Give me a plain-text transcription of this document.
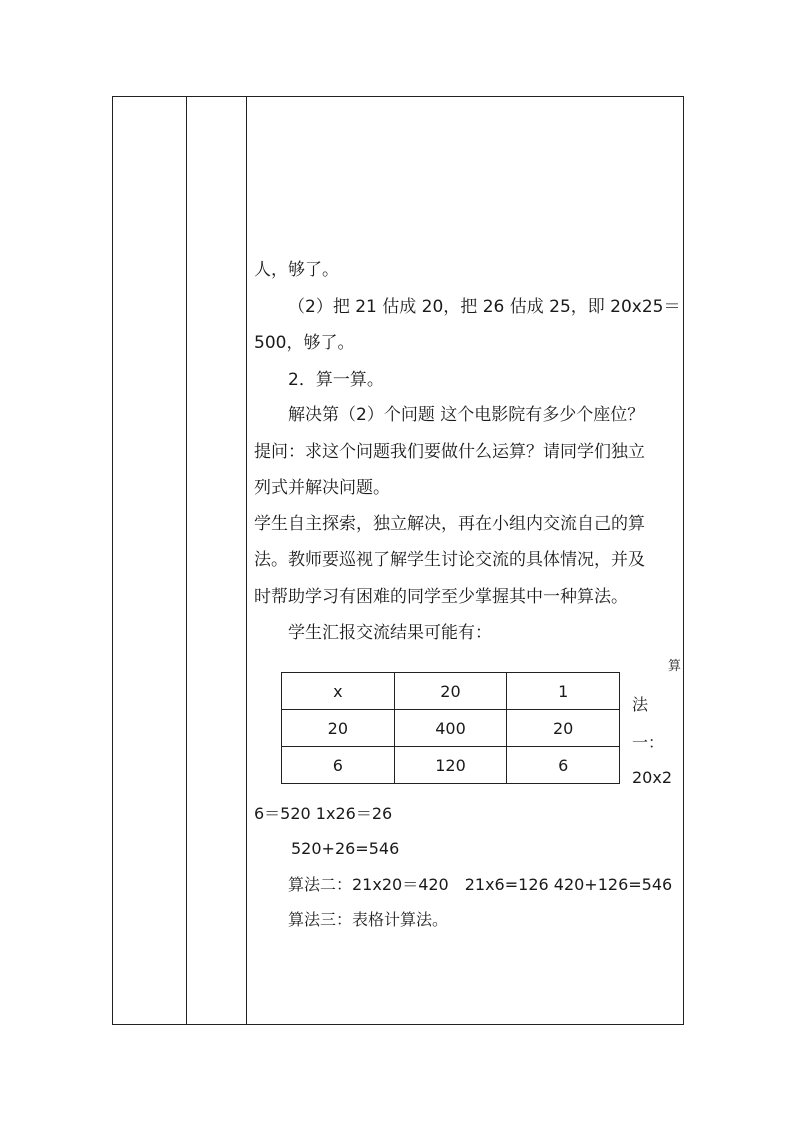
人，够了。
（2）把 21 估成 20，把 26 估成 25，即 20x25＝
500，够了。
2．算一算。
解决第（2）个问题 这个电影院有多少个座位？
提问：求这个问题我们要做什么运算？请同学们独立
列式并解决问题。
学生自主探索，独立解决，再在小组内交流自己的算
法。教师要巡视了解学生讨论交流的具体情况，并及
时帮助学习有困难的同学至少掌握其中一种算法。
学生汇报交流结果可能有：
x	20	1
20	400	20
6	120	6
算
法
一：
20x2
6＝520 1x26＝26
520+26=546
算法二：21x20＝420　21x6=126 420+126=546
算法三：表格计算法。
